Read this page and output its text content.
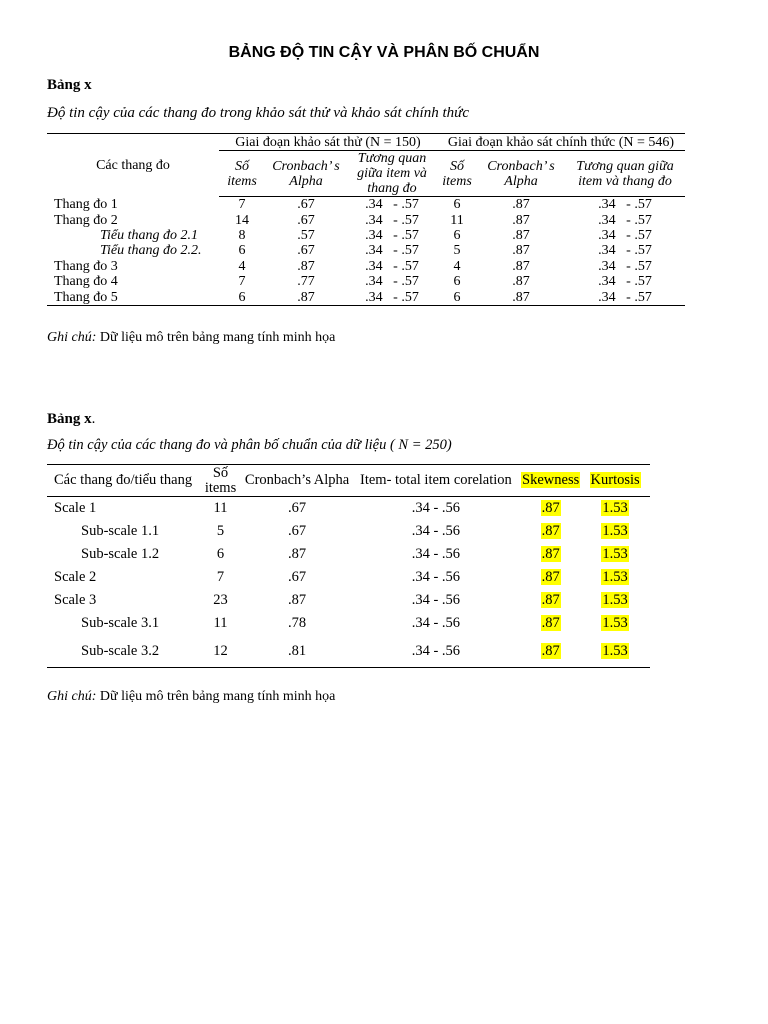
BẢNG ĐỘ TIN CẬY VÀ PHÂN BỐ CHUẨN
Bảng x
Độ tin cậy của các thang đo trong khảo sát thử và khảo sát chính thức
Các thang đo	Giai đoạn khảo sát thử (N = 150)			Giai đoạn khảo sát chính thức (N = 546)		
	Số items	Cronbach’ s Alpha	Tương quan giữa item và thang đo	Số items	Cronbach’ s Alpha	Tương quan giữa item và thang đo
Thang đo 1	7	.67	.34   - .57	6	.87	.34   - .57
Thang đo 2	14	.67	.34   - .57	11	.87	.34   - .57
Tiểu thang đo 2.1	8	.57	.34   - .57	6	.87	.34   - .57
Tiểu thang đo 2.2.	6	.67	.34   - .57	5	.87	.34   - .57
Thang đo 3	4	.87	.34   - .57	4	.87	.34   - .57
Thang đo 4	7	.77	.34   - .57	6	.87	.34   - .57
Thang đo 5	6	.87	.34   - .57	6	.87	.34   - .57
Ghi chú: Dữ liệu mô trên bảng mang tính minh họa
Bảng x.
Độ tin cậy của các thang đo và phân bố chuẩn của dữ liệu ( N = 250)
Các thang đo/tiểu thang	Số items	Cronbach’s Alpha	Item- total item corelation	Skewness	Kurtosis
Scale 1	11	.67	.34 - .56	.87	1.53
Sub-scale 1.1	5	.67	.34 - .56	.87	1.53
Sub-scale 1.2	6	.87	.34 - .56	.87	1.53
Scale 2	7	.67	.34 - .56	.87	1.53
Scale 3	23	.87	.34 - .56	.87	1.53
Sub-scale 3.1	11	.78	.34 - .56	.87	1.53
Sub-scale 3.2	12	.81	.34 - .56	.87	1.53
Ghi chú: Dữ liệu mô trên bảng mang tính minh họa
